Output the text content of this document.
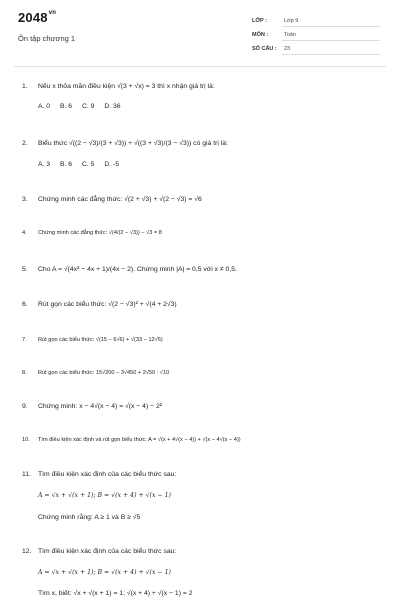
$2048^{vn}$
Ôn tập chương 1
LỚP :	Lớp 9
MÔN :	Toán
SỐ CÂU : 23
1. Nếu x thỏa mãn điều kiện √(3 + √x) = 3 thì x nhận giá trị là:
A. 0 B. 6 C. 9 D. 36
2. Biểu thức √((2 − √3)/(3 + √3)) + √((3 + √3)/(3 − √3)) có giá trị là:
A. 3 B. 6 C. 5 D. -5
3. Chứng minh các đẳng thức: √(2 + √3) + √(2 − √3) = √6
4. Chứng minh các đẳng thức: √(4/(2 − √3)) − √3 = 8
5. Cho A = √(4x² − 4x + 1)/(4x − 2). Chứng minh |A| = 0,5 với x ≠ 0,5.
6. Rút gọn các biểu thức: √(2 − √3)² + √(4 + 2√3)
7. Rút gọn các biểu thức: √(15 − 6√6) + √(33 − 12√6)
8. Rút gọn các biểu thức: 15√200 − 3√450 + 2√50 : √10
9. Chứng minh: x − 4√(x − 4) = √(x − 4) − 2²
10. Tìm điều kiện xác định và rút gọn biểu thức: A = √(x + 4√(x − 4)) + √(x − 4√(x − 4))
11. Tìm điều kiện xác định của các biểu thức sau:
A = √x + √(x + 1); B = √(x + 4) + √(x − 1)
Chứng minh rằng: A ≥ 1 và B ≥ √5
12. Tìm điều kiện xác định của các biểu thức sau:
A = √x + √(x + 1); B = √(x + 4) + √(x − 1)
Tìm x, biết: √x + √(x + 1) = 1; √(x + 4) + √(x − 1) = 2
